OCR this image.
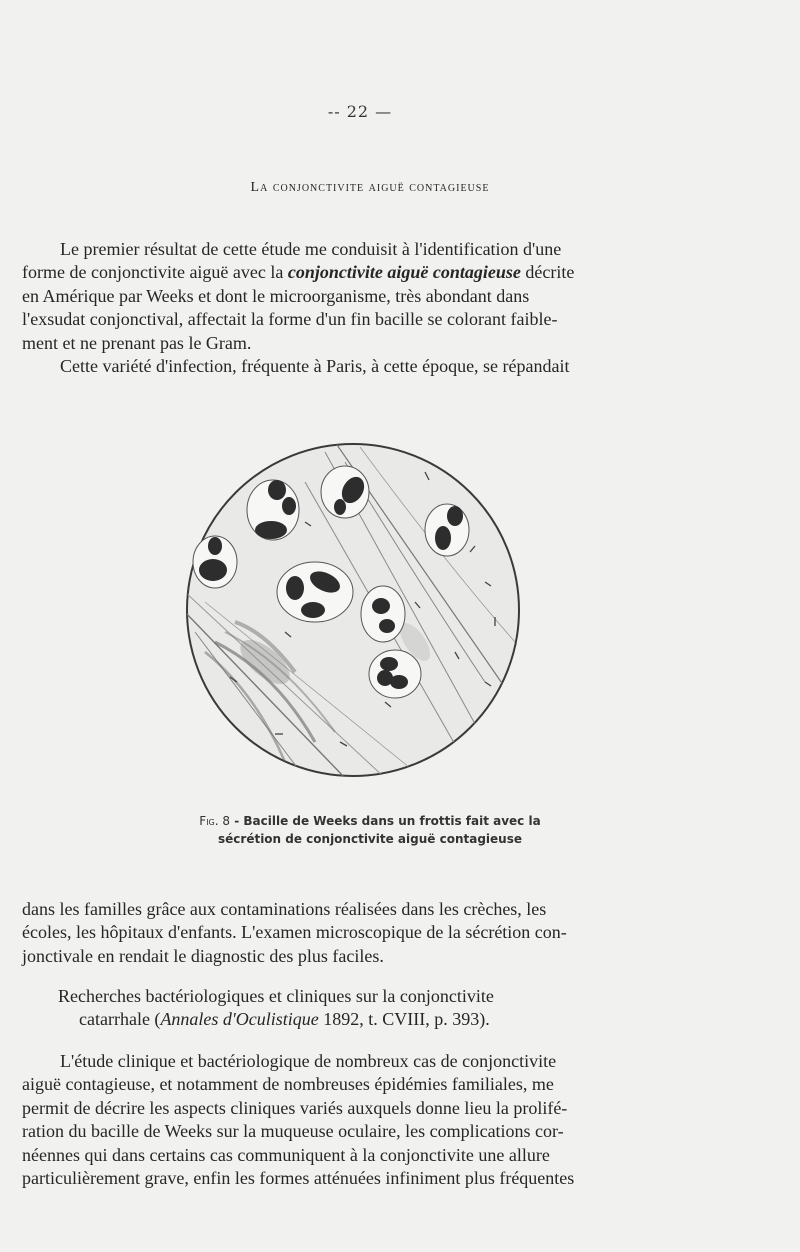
-- 22 —
La conjonctivite aiguë contagieuse
Le premier résultat de cette étude me conduisit à l'identification d'une
forme de conjonctivite aiguë avec la conjonctivite aiguë contagieuse décrite
en Amérique par Weeks et dont le microorganisme, très abondant dans
l'exsudat conjonctival, affectait la forme d'un fin bacille se colorant faible-
ment et ne prenant pas le Gram.
Cette variété d'infection, fréquente à Paris, à cette époque, se répandait
Fig. 8 - Bacille de Weeks dans un frottis fait avec la
sécrétion de conjonctivite aiguë contagieuse
dans les familles grâce aux contaminations réalisées dans les crèches, les
écoles, les hôpitaux d'enfants. L'examen microscopique de la sécrétion con-
jonctivale en rendait le diagnostic des plus faciles.
Recherches bactériologiques et cliniques sur la conjonctivite
catarrhale (Annales d'Oculistique 1892, t. CVIII, p. 393).
L'étude clinique et bactériologique de nombreux cas de conjonctivite
aiguë contagieuse, et notamment de nombreuses épidémies familiales, me
permit de décrire les aspects cliniques variés auxquels donne lieu la prolifé-
ration du bacille de Weeks sur la muqueuse oculaire, les complications cor-
néennes qui dans certains cas communiquent à la conjonctivite une allure
particulièrement grave, enfin les formes atténuées infiniment plus fréquentes
